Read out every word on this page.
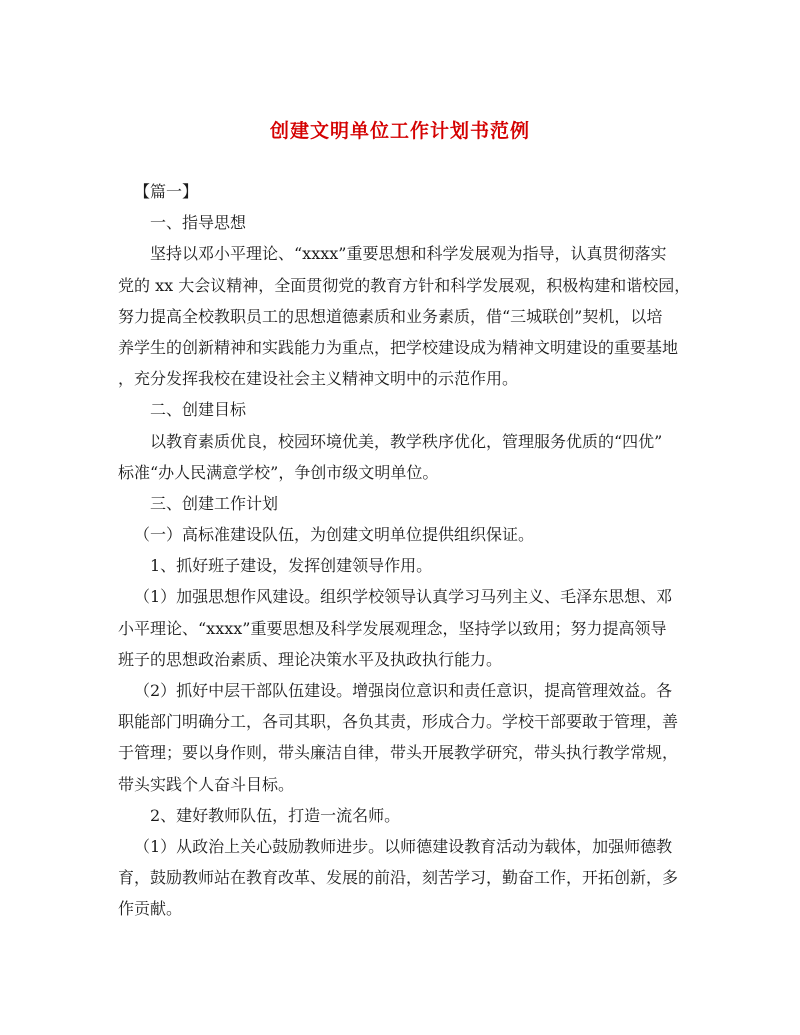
创建文明单位工作计划书范例

【篇一】

一、指导思想

坚持以邓小平理论、“xxxx”重要思想和科学发展观为指导，认真贯彻落实

党的 xx 大会议精神，全面贯彻党的教育方针和科学发展观，积极构建和谐校园，

努力提高全校教职员工的思想道德素质和业务素质，借“三城联创”契机，以培

养学生的创新精神和实践能力为重点，把学校建设成为精神文明建设的重要基地

，充分发挥我校在建设社会主义精神文明中的示范作用。

二、创建目标

以教育素质优良，校园环境优美，教学秩序优化，管理服务优质的“四优”

标准“办人民满意学校”，争创市级文明单位。

三、创建工作计划

（一）高标准建设队伍，为创建文明单位提供组织保证。

1、抓好班子建设，发挥创建领导作用。

（1）加强思想作风建设。组织学校领导认真学习马列主义、毛泽东思想、邓

小平理论、“xxxx”重要思想及科学发展观理念，坚持学以致用；努力提高领导

班子的思想政治素质、理论决策水平及执政执行能力。

（2）抓好中层干部队伍建设。增强岗位意识和责任意识，提高管理效益。各

职能部门明确分工，各司其职，各负其责，形成合力。学校干部要敢于管理，善

于管理；要以身作则，带头廉洁自律，带头开展教学研究，带头执行教学常规，

带头实践个人奋斗目标。

2、建好教师队伍，打造一流名师。

（1）从政治上关心鼓励教师进步。以师德建设教育活动为载体，加强师德教

育，鼓励教师站在教育改革、发展的前沿，刻苦学习，勤奋工作，开拓创新，多

作贡献。
